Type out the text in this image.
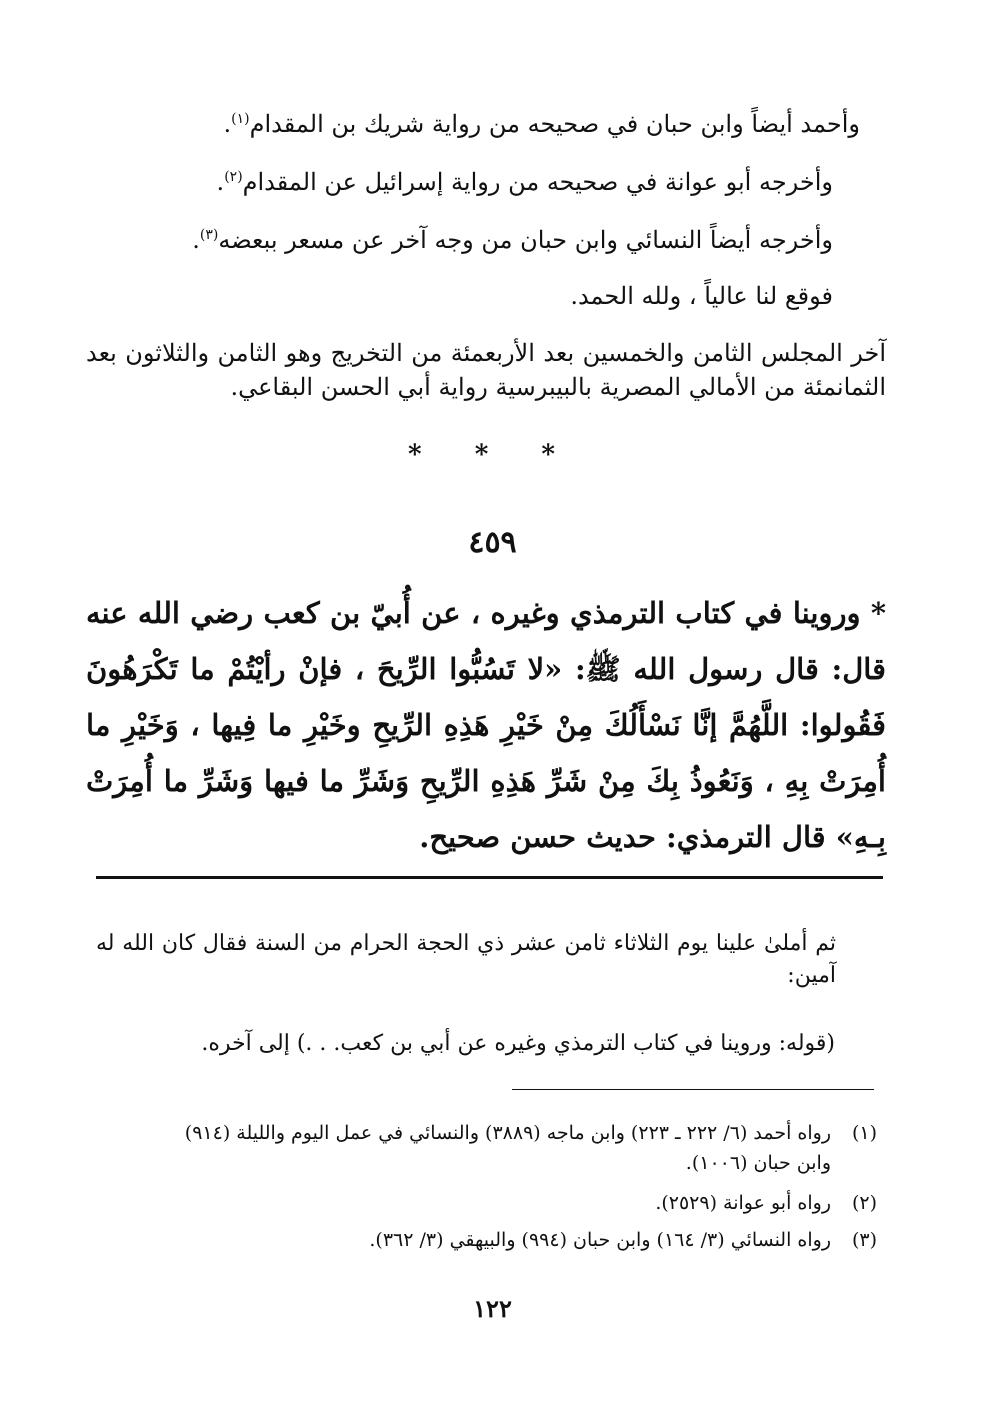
وأحمد أيضاً وابن حبان في صحيحه من رواية شريك بن المقدام$^{(١)}$.
وأخرجه أبو عوانة في صحيحه من رواية إسرائيل عن المقدام$^{(٢)}$.
وأخرجه أيضاً النسائي وابن حبان من وجه آخر عن مسعر ببعضه$^{(٣)}$.
فوقع لنا عالياً ، ولله الحمد.
آخر المجلس الثامن والخمسين بعد الأربعمئة من التخريج وهو الثامن والثلاثون بعد الثمانمئة من الأمالي المصرية بالبيبرسية رواية أبي الحسن البقاعي.
* * *
٤٥٩
* وروينا في كتاب الترمذي وغيره ، عن أُبيّ بن كعب رضي الله عنه قال: قال رسول الله ﷺ: «لا تَسُبُّوا الرِّيحَ ، فإنْ رأيْتُمْ ما تَكْرَهُونَ فَقُولوا: اللَّهُمَّ إنَّا نَسْأَلُكَ مِنْ خَيْرِ هَذِهِ الرِّيحِ وخَيْرِ ما فِيها ، وَخَيْرِ ما أُمِرَتْ بِهِ ، وَنَعُوذُ بِكَ مِنْ شَرِّ هَذِهِ الرِّيحِ وَشَرِّ ما فيها وَشَرِّ ما أُمِرَتْ بِـهِ» قال الترمذي: حديث حسن صحيح.
ثم أملىٰ علينا يوم الثلاثاء ثامن عشر ذي الحجة الحرام من السنة فقال كان الله له آمين:
(قوله: وروينا في كتاب الترمذي وغيره عن أبي بن كعب. . .) إلى آخره.
(١)
رواه أحمد (٦/ ٢٢٢ ـ ٢٢٣) وابن ماجه (٣٨٨٩) والنسائي في عمل اليوم والليلة (٩١٤)
وابن حبان (١٠٠٦).
(٢)
رواه أبو عوانة (٢٥٢٩).
(٣)
رواه النسائي (٣/ ١٦٤) وابن حبان (٩٩٤) والبيهقي (٣/ ٣٦٢).
١٢٢
